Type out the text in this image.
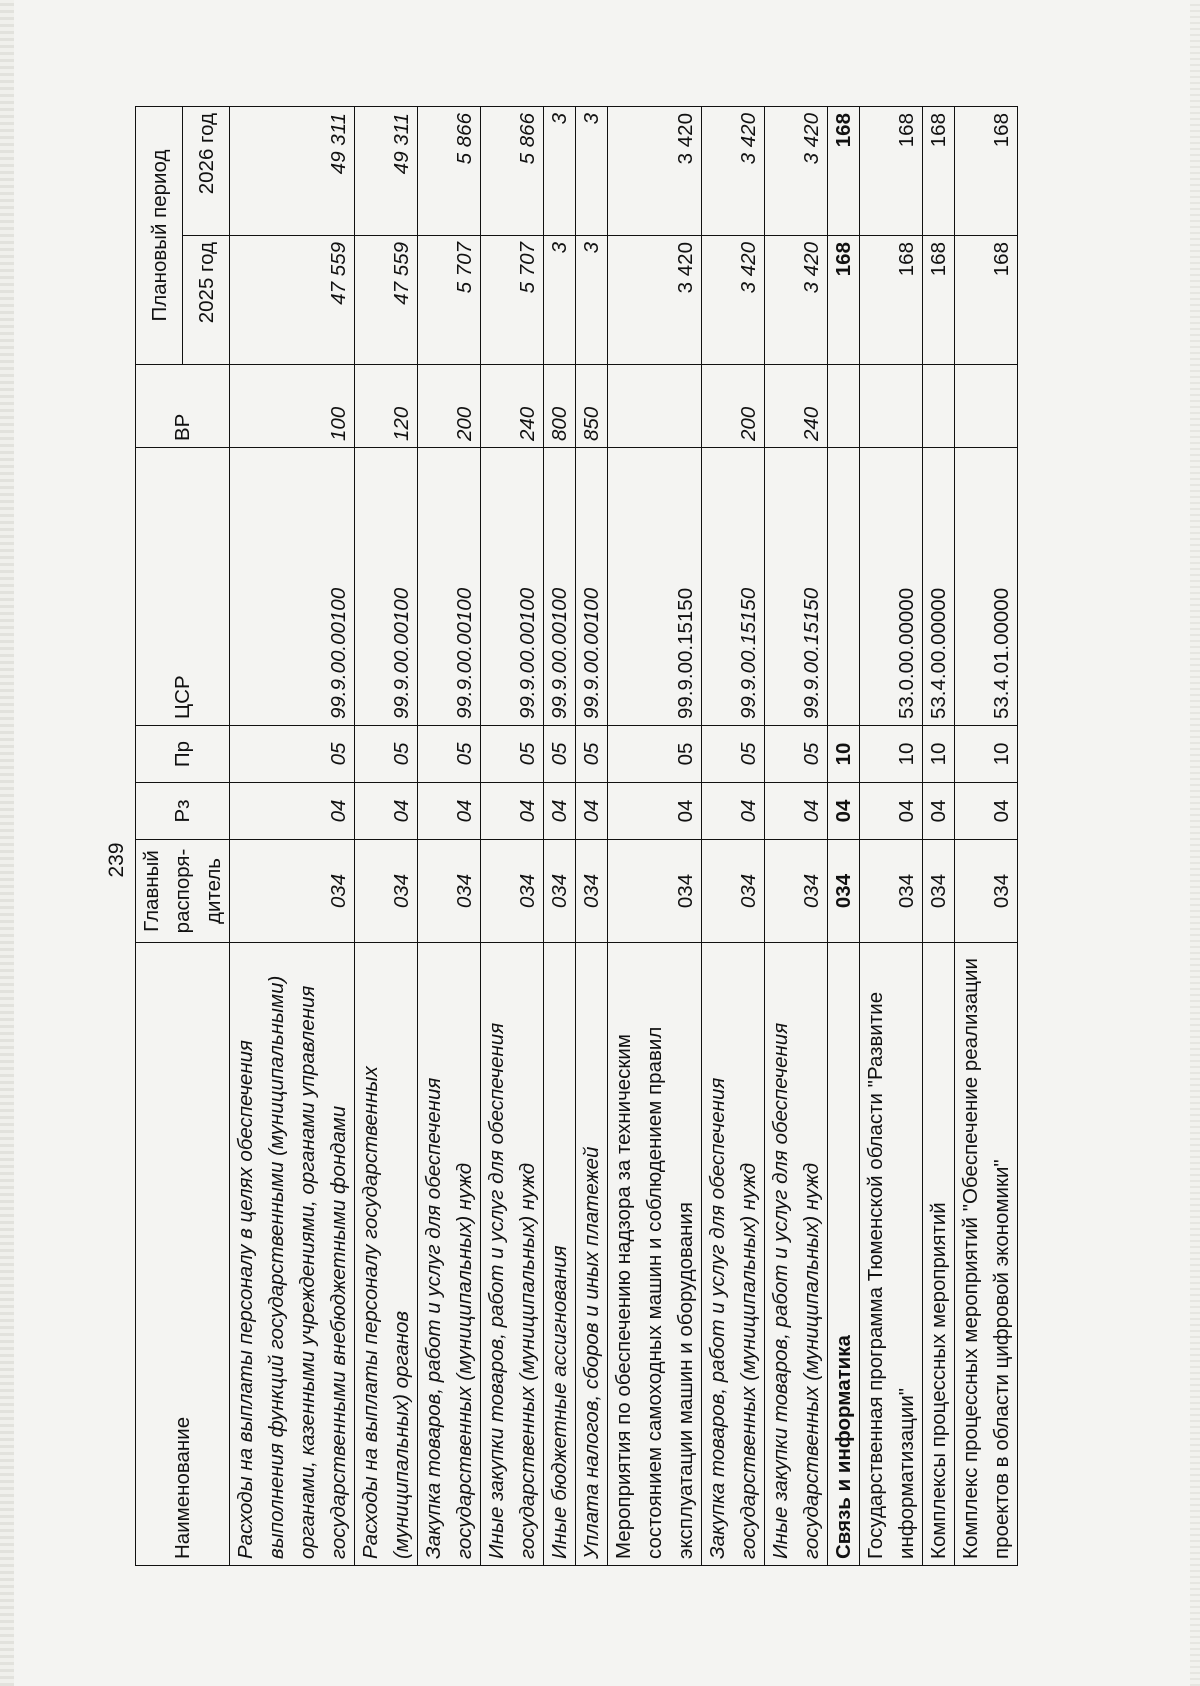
239
Наименование	Главный распоря- дитель	Рз	Пр	ЦСР	ВР	Плановый период	
						2025 год	2026 год
Расходы на выплаты персоналу в целях обеспечения выполнения функций государственными (муниципальными) органами, казенными учреждениями, органами управления государственными внебюджетными фондами	034	04	05	99.9.00.00100	100	47 559	49 311
Расходы на выплаты персоналу государственных (муниципальных) органов	034	04	05	99.9.00.00100	120	47 559	49 311
Закупка товаров, работ и услуг для обеспечения государственных (муниципальных) нужд	034	04	05	99.9.00.00100	200	5 707	5 866
Иные закупки товаров, работ и услуг для обеспечения государственных (муниципальных) нужд	034	04	05	99.9.00.00100	240	5 707	5 866
Иные бюджетные ассигнования	034	04	05	99.9.00.00100	800	3	3
Уплата налогов, сборов и иных платежей	034	04	05	99.9.00.00100	850	3	3
Мероприятия по обеспечению надзора за техническим состоянием самоходных машин и соблюдением правил эксплуатации машин и оборудования	034	04	05	99.9.00.15150		3 420	3 420
Закупка товаров, работ и услуг для обеспечения государственных (муниципальных) нужд	034	04	05	99.9.00.15150	200	3 420	3 420
Иные закупки товаров, работ и услуг для обеспечения государственных (муниципальных) нужд	034	04	05	99.9.00.15150	240	3 420	3 420
Связь и информатика	034	04	10			168	168
Государственная программа Тюменской области "Развитие информатизации"	034	04	10	53.0.00.00000		168	168
Комплексы процессных мероприятий	034	04	10	53.4.00.00000		168	168
Комплекс процессных мероприятий "Обеспечение реализации проектов в области цифровой экономики"	034	04	10	53.4.01.00000		168	168
